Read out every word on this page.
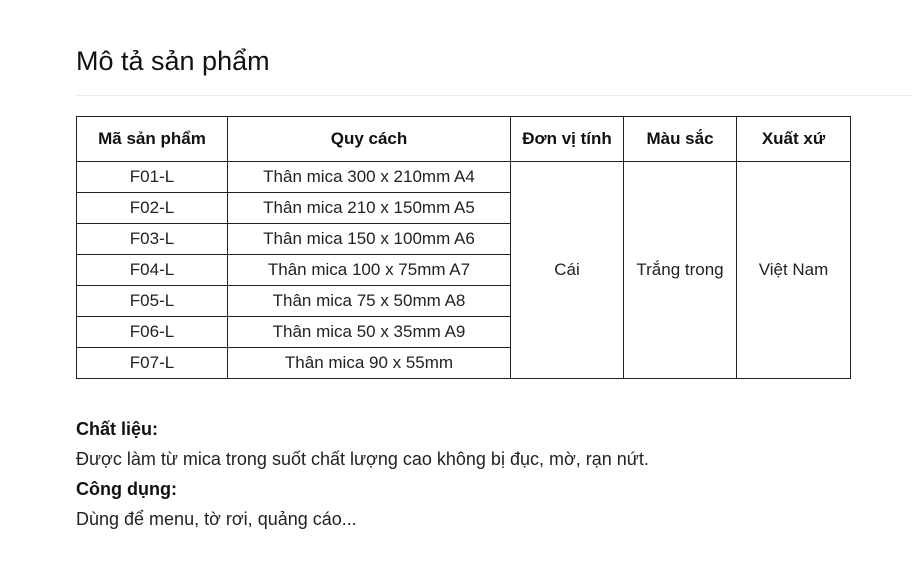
Mô tả sản phẩm
Mã sản phẩm	Quy cách	Đơn vị tính	Màu sắc	Xuất xứ
F01-L	Thân mica 300 x 210mm A4	Cái	Trắng trong	Việt Nam
F02-L	Thân mica 210 x 150mm A5			
F03-L	Thân mica 150 x 100mm A6			
F04-L	Thân mica 100 x 75mm A7			
F05-L	Thân mica 75 x 50mm A8			
F06-L	Thân mica 50 x 35mm A9			
F07-L	Thân mica 90 x 55mm			
Chất liệu:
Được làm từ mica trong suốt chất lượng cao không bị đục, mờ, rạn nứt.
Công dụng:
Dùng để menu, tờ rơi, quảng cáo...
